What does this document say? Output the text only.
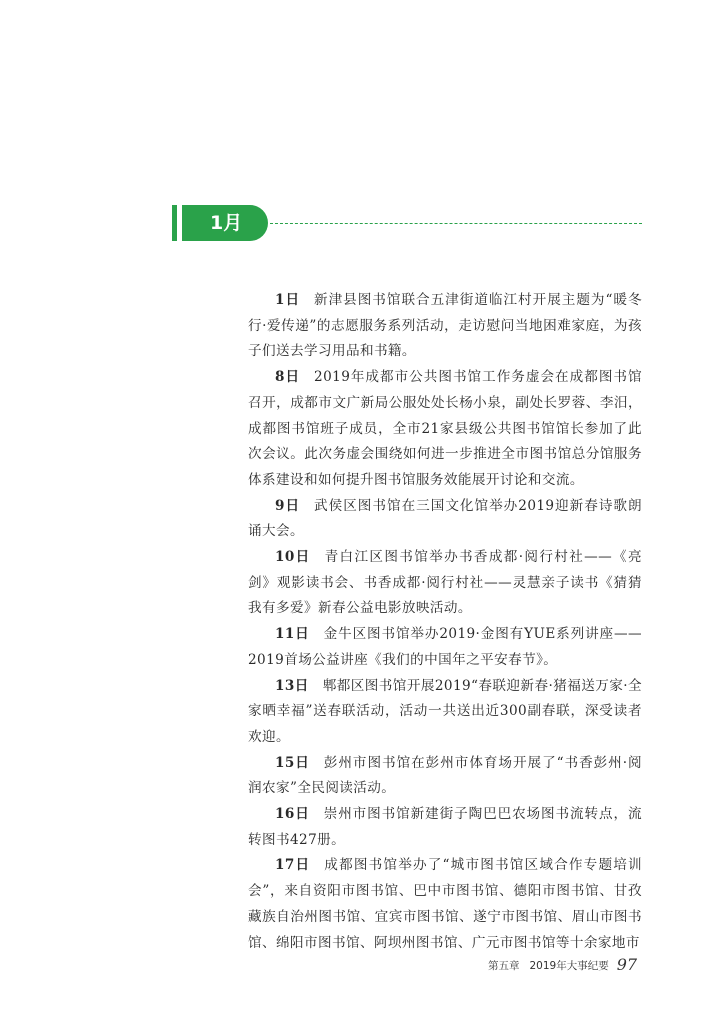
1月

1日 新津县图书馆联合五津街道临江村开展主题为“暖冬行·爱传递”的志愿服务系列活动，走访慰问当地困难家庭，为孩子们送去学习用品和书籍。

8日 2019年成都市公共图书馆工作务虚会在成都图书馆召开，成都市文广新局公服处处长杨小泉，副处长罗蓉、李汨，成都图书馆班子成员，全市21家县级公共图书馆馆长参加了此次会议。此次务虚会围绕如何进一步推进全市图书馆总分馆服务体系建设和如何提升图书馆服务效能展开讨论和交流。

9日 武侯区图书馆在三国文化馆举办2019迎新春诗歌朗诵大会。

10日 青白江区图书馆举办书香成都·阅行村社——《亮剑》观影读书会、书香成都·阅行村社——灵慧亲子读书《猜猜我有多爱》新春公益电影放映活动。

11日 金牛区图书馆举办2019·金图有YUE系列讲座——2019首场公益讲座《我们的中国年之平安春节》。

13日 郫都区图书馆开展2019“春联迎新春·猪福送万家·全家晒幸福”送春联活动，活动一共送出近300副春联，深受读者欢迎。

15日 彭州市图书馆在彭州市体育场开展了“书香彭州·阅润农家”全民阅读活动。

16日 崇州市图书馆新建街子陶巴巴农场图书流转点，流转图书427册。

17日 成都图书馆举办了“城市图书馆区域合作专题培训会”，来自资阳市图书馆、巴中市图书馆、德阳市图书馆、甘孜藏族自治州图书馆、宜宾市图书馆、遂宁市图书馆、眉山市图书馆、绵阳市图书馆、阿坝州图书馆、广元市图书馆等十余家地市

第五章 2019年大事纪要 97
